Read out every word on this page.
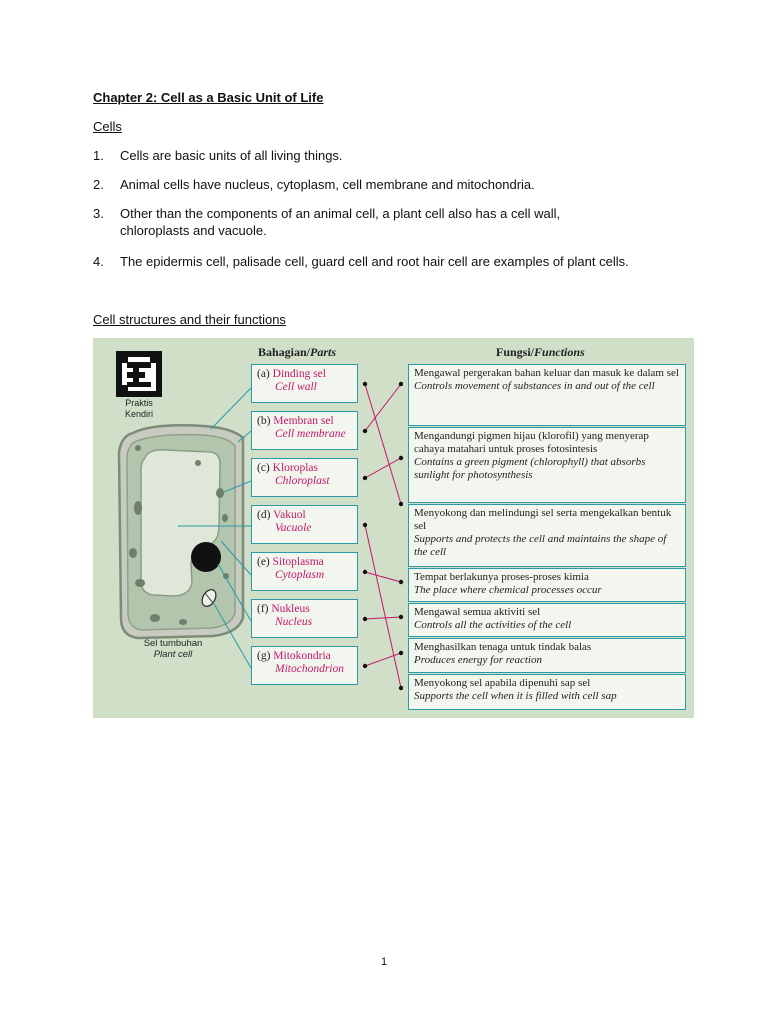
Chapter 2: Cell as a Basic Unit of Life
Cells
1.	Cells are basic units of all living things.
2.	Animal cells have nucleus, cytoplasm, cell membrane and mitochondria.
3.	Other than the components of an animal cell, a plant cell also has a cell wall, chloroplasts and vacuole.
4.	The epidermis cell, palisade cell, guard cell and root hair cell are examples of plant cells.
Cell structures and their functions
Praktis
Kendiri
Sel tumbuhan
Plant cell
Bahagian/Parts	Fungsi/Functions
(a) Dinding sel
Cell wall
(b) Membran sel
Cell membrane
(c) Kloroplas
Chloroplast
(d) Vakuol
Vacuole
(e) Sitoplasma
Cytoplasm
(f) Nukleus
Nucleus
(g) Mitokondria
Mitochondrion
Mengawal pergerakan bahan keluar dan masuk ke dalam sel
Controls movement of substances in and out of the cell
Mengandungi pigmen hijau (klorofil) yang menyerap cahaya matahari untuk proses fotosintesis
Contains a green pigment (chlorophyll) that absorbs sunlight for photosynthesis
Menyokong dan melindungi sel serta mengekalkan bentuk sel
Supports and protects the cell and maintains the shape of the cell
Tempat berlakunya proses-proses kimia
The place where chemical processes occur
Mengawal semua aktiviti sel
Controls all the activities of the cell
Menghasilkan tenaga untuk tindak balas
Produces energy for reaction
Menyokong sel apabila dipenuhi sap sel
Supports the cell when it is filled with cell sap
1
